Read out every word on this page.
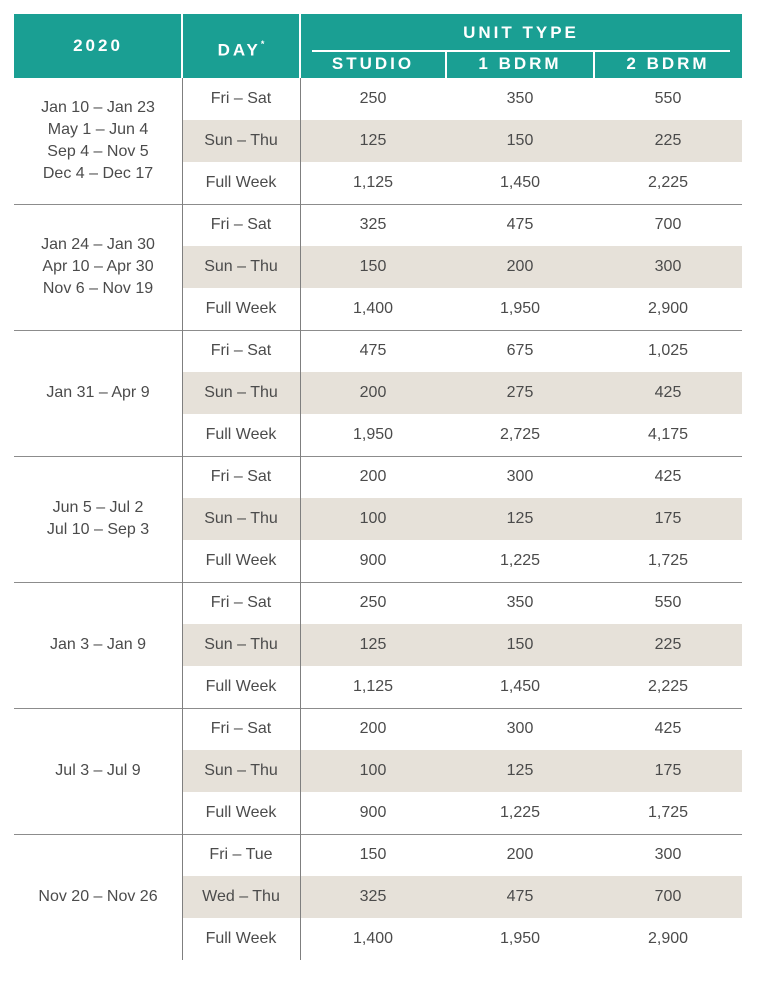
2020	DAY*
UNIT TYPE
STUDIO	1 BDRM	2 BDRM
Jan 10 – Jan 23
May 1 – Jun 4
Sep 4 – Nov 5
Dec 4 – Dec 17
Fri – Sat	250	350	550
Sun – Thu	125	150	225
Full Week	1,125	1,450	2,225
Jan 24 – Jan 30
Apr 10 – Apr 30
Nov 6 – Nov 19
Fri – Sat	325	475	700
Sun – Thu	150	200	300
Full Week	1,400	1,950	2,900
Jan 31 – Apr 9
Fri – Sat	475	675	1,025
Sun – Thu	200	275	425
Full Week	1,950	2,725	4,175
Jun 5 – Jul 2
Jul 10 – Sep 3
Fri – Sat	200	300	425
Sun – Thu	100	125	175
Full Week	900	1,225	1,725
Jan 3 – Jan 9
Fri – Sat	250	350	550
Sun – Thu	125	150	225
Full Week	1,125	1,450	2,225
Jul 3 – Jul 9
Fri – Sat	200	300	425
Sun – Thu	100	125	175
Full Week	900	1,225	1,725
Nov 20 – Nov 26
Fri – Tue	150	200	300
Wed – Thu	325	475	700
Full Week	1,400	1,950	2,900
